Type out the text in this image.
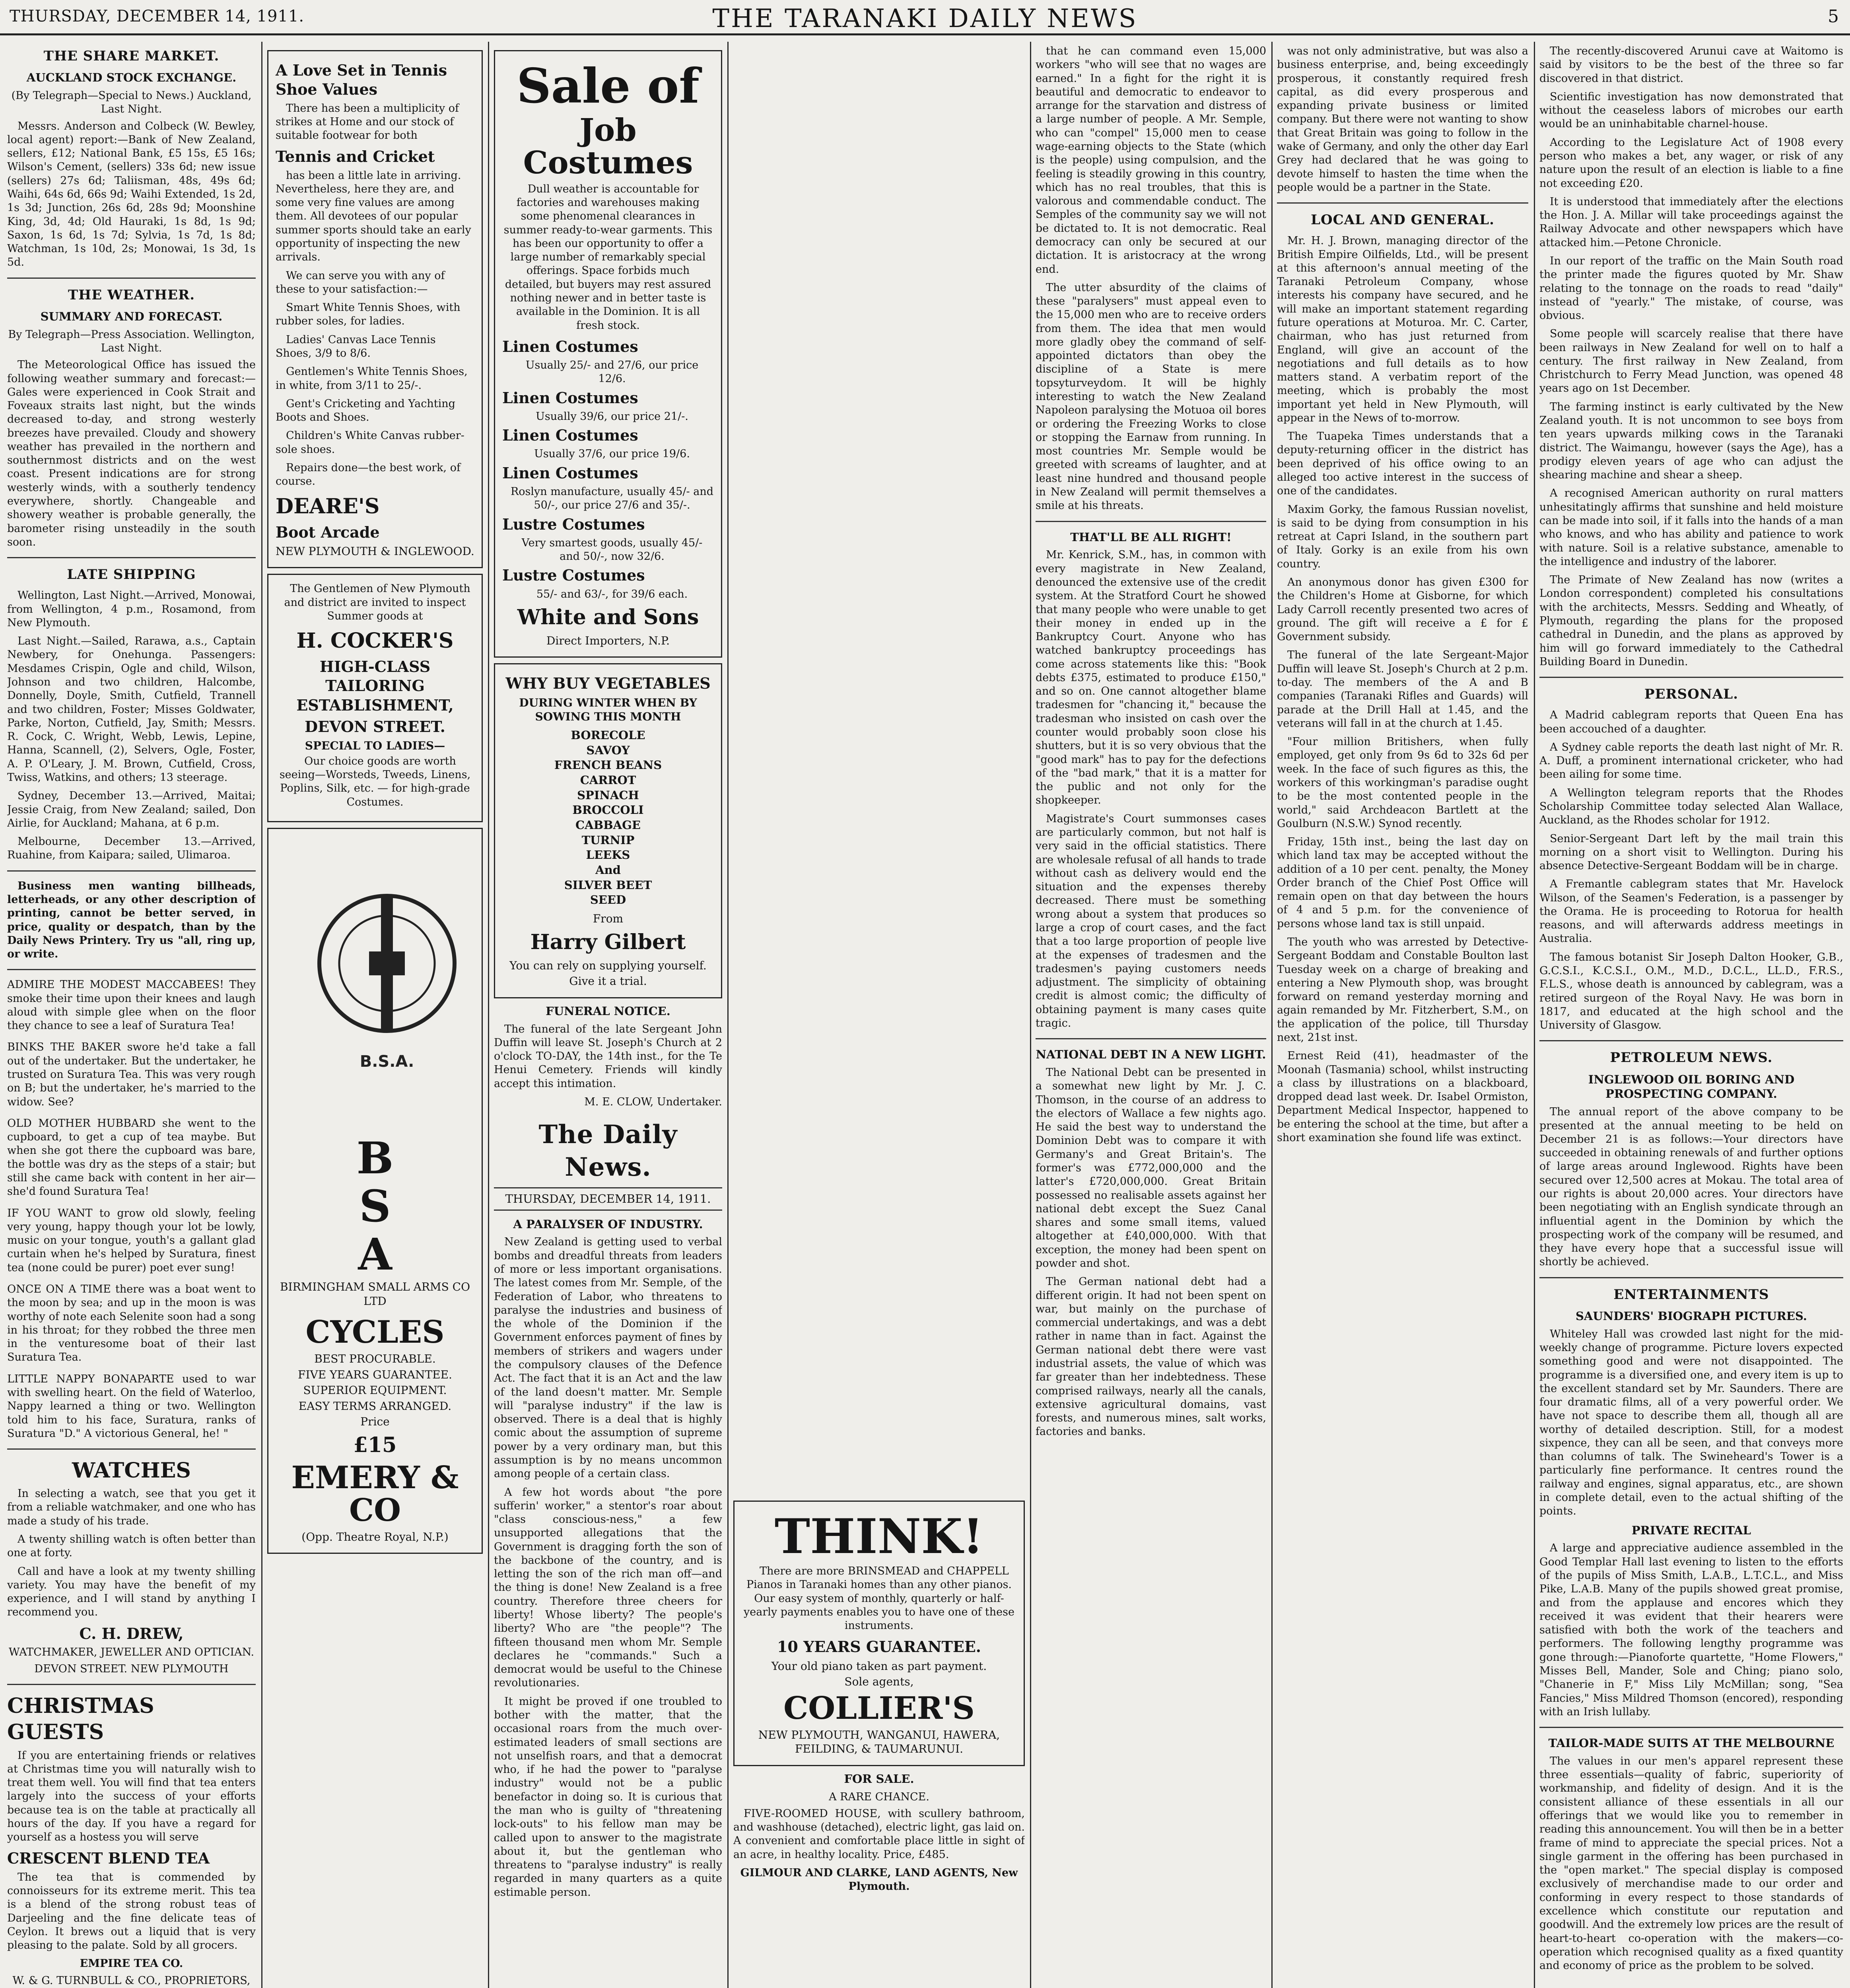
THURSDAY, DECEMBER 14, 1911.	THE TARANAKI DAILY NEWS	5
THE SHARE MARKET.
AUCKLAND STOCK EXCHANGE.
(By Telegraph—Special to News.) Auckland, Last Night.

Messrs. Anderson and Colbeck (W. Bewley, local agent) report:—Bank of New Zealand, sellers, £12; National Bank, £5 15s, £5 16s; Wilson's Cement, (sellers) 33s 6d; new issue (sellers) 27s 6d; Taliisman, 48s, 49s 6d; Waihi, 64s 6d, 66s 9d; Waihi Extended, 1s 2d, 1s 3d; Junction, 26s 6d, 28s 9d; Moonshine King, 3d, 4d; Old Hauraki, 1s 8d, 1s 9d; Saxon, 1s 6d, 1s 7d; Sylvia, 1s 7d, 1s 8d; Watchman, 1s 10d, 2s; Monowai, 1s 3d, 1s 5d.

THE WEATHER.
SUMMARY AND FORECAST.
By Telegraph—Press Association. Wellington, Last Night.

The Meteorological Office has issued the following weather summary and forecast:—Gales were experienced in Cook Strait and Foveaux straits last night, but the winds decreased to-day, and strong westerly breezes have prevailed. Cloudy and showery weather has prevailed in the northern and southernmost districts and on the west coast. Present indications are for strong westerly winds, with a southerly tendency everywhere, shortly. Changeable and showery weather is probable generally, the barometer rising unsteadily in the south soon.

LATE SHIPPING

Wellington, Last Night.—Arrived, Monowai, from Wellington, 4 p.m., Rosamond, from New Plymouth.

Last Night.—Sailed, Rarawa, a.s., Captain Newbery, for Onehunga. Passengers: Mesdames Crispin, Ogle and child, Wilson, Johnson and two children, Halcombe, Donnelly, Doyle, Smith, Cutfield, Trannell and two children, Foster; Misses Goldwater, Parke, Norton, Cutfield, Jay, Smith; Messrs. R. Cock, C. Wright, Webb, Lewis, Lepine, Hanna, Scannell, (2), Selvers, Ogle, Foster, A. P. O'Leary, J. M. Brown, Cutfield, Cross, Twiss, Watkins, and others; 13 steerage.

Sydney, December 13.—Arrived, Maitai; Jessie Craig, from New Zealand; sailed, Don Airlie, for Auckland; Mahana, at 6 p.m.

Melbourne, December 13.—Arrived, Ruahine, from Kaipara; sailed, Ulimaroa.

Business men wanting billheads, letterheads, or any other description of printing, cannot be better served, in price, quality or despatch, than by the Daily News Printery. Try us "all, ring up, or write.

ADMIRE THE MODEST MACCABEES! They smoke their time upon their knees and laugh aloud with simple glee when on the floor they chance to see a leaf of Suratura Tea!
BINKS THE BAKER swore he'd take a fall out of the undertaker. But the undertaker, he trusted on Suratura Tea. This was very rough on B; but the undertaker, he's married to the widow. See?
OLD MOTHER HUBBARD she went to the cupboard, to get a cup of tea maybe. But when she got there the cupboard was bare, the bottle was dry as the steps of a stair; but still she came back with content in her air—she'd found Suratura Tea!
IF YOU WANT to grow old slowly, feeling very young, happy though your lot be lowly, music on your tongue, youth's a gallant glad curtain when he's helped by Suratura, finest tea (none could be purer) poet ever sung!
ONCE ON A TIME there was a boat went to the moon by sea; and up in the moon is was worthy of note each Selenite soon had a song in his throat; for they robbed the three men in the venturesome boat of their last Suratura Tea.
LITTLE NAPPY BONAPARTE used to war with swelling heart. On the field of Waterloo, Nappy learned a thing or two. Wellington told him to his face, Suratura, ranks of Suratura "D." A victorious General, he! "
WATCHES

In selecting a watch, see that you get it from a reliable watchmaker, and one who has made a study of his trade.

A twenty shilling watch is often better than one at forty.

Call and have a look at my twenty shilling variety. You may have the benefit of my experience, and I will stand by anything I recommend you.

C. H. DREW,
WATCHMAKER, JEWELLER AND OPTICIAN.
DEVON STREET. NEW PLYMOUTH
CHRISTMAS GUESTS

If you are entertaining friends or relatives at Christmas time you will naturally wish to treat them well. You will find that tea enters largely into the success of your efforts because tea is on the table at practically all hours of the day. If you have a regard for yourself as a hostess you will serve

CRESCENT BLEND TEA

The tea that is commended by connoisseurs for its extreme merit. This tea is a blend of the strong robust teas of Darjeeling and the fine delicate teas of Ceylon. It brews out a liquid that is very pleasing to the palate. Sold by all grocers.

EMPIRE TEA CO.
W. & G. TURNBULL & CO., PROPRIETORS,

A Love Set in Tennis Shoe Values

There has been a multiplicity of strikes at Home and our stock of suitable footwear for both

Tennis and Cricket

has been a little late in arriving. Nevertheless, here they are, and some very fine values are among them. All devotees of our popular summer sports should take an early opportunity of inspecting the new arrivals.

We can serve you with any of these to your satisfaction:—

Smart White Tennis Shoes, with rubber soles, for ladies.

Ladies' Canvas Lace Tennis Shoes, 3/9 to 8/6.

Gentlemen's White Tennis Shoes, in white, from 3/11 to 25/-.

Gent's Cricketing and Yachting Boots and Shoes.

Children's White Canvas rubber-sole shoes.

Repairs done—the best work, of course.

DEARE'S
Boot Arcade
NEW PLYMOUTH & INGLEWOOD.

The Gentlemen of New Plymouth and district are invited to inspect Summer goods at

H. COCKER'S
HIGH-CLASS TAILORING ESTABLISHMENT,
DEVON STREET.
SPECIAL TO LADIES—

Our choice goods are worth seeing—Worsteds, Tweeds, Linens, Poplins, Silk, etc. — for high-grade Costumes.

B.S.A.
B
S
A
BIRMINGHAM SMALL ARMS CO LTD
CYCLES
BEST PROCURABLE.
FIVE YEARS GUARANTEE.
SUPERIOR EQUIPMENT.
EASY TERMS ARRANGED.
Price
£15
EMERY & CO
(Opp. Theatre Royal, N.P.)
Sale of
Job Costumes

Dull weather is accountable for factories and warehouses making some phenomenal clearances in summer ready-to-wear garments. This has been our opportunity to offer a large number of remarkably special offerings. Space forbids much detailed, but buyers may rest assured nothing newer and in better taste is available in the Dominion. It is all fresh stock.

Linen Costumes
Usually 25/- and 27/6, our price 12/6.
Linen Costumes
Usually 39/6, our price 21/-.
Linen Costumes
Usually 37/6, our price 19/6.
Linen Costumes
Roslyn manufacture, usually 45/- and 50/-, our price 27/6 and 35/-.
Lustre Costumes
Very smartest goods, usually 45/- and 50/-, now 32/6.
Lustre Costumes
55/- and 63/-, for 39/6 each.
White and Sons
Direct Importers, N.P.
WHY BUY VEGETABLES
DURING WINTER WHEN BY SOWING THIS MONTH
BORECOLE
SAVOY
FRENCH BEANS
CARROT
SPINACH
BROCCOLI
CABBAGE
TURNIP
LEEKS
And
SILVER BEET
SEED
From
Harry Gilbert
You can rely on supplying yourself.
Give it a trial.
FUNERAL NOTICE.

The funeral of the late Sergeant John Duffin will leave St. Joseph's Church at 2 o'clock TO-DAY, the 14th inst., for the Te Henui Cemetery. Friends will kindly accept this intimation.

M. E. CLOW, Undertaker.
The Daily News.
THURSDAY, DECEMBER 14, 1911.
A PARALYSER OF INDUSTRY.

New Zealand is getting used to verbal bombs and dreadful threats from leaders of more or less important organisations. The latest comes from Mr. Semple, of the Federation of Labor, who threatens to paralyse the industries and business of the whole of the Dominion if the Government enforces payment of fines by members of strikers and wagers under the compulsory clauses of the Defence Act. The fact that it is an Act and the law of the land doesn't matter. Mr. Semple will "paralyse industry" if the law is observed. There is a deal that is highly comic about the assumption of supreme power by a very ordinary man, but this assumption is by no means uncommon among people of a certain class.

A few hot words about "the pore sufferin' worker," a stentor's roar about "class conscious-ness," a few unsupported allegations that the Government is dragging forth the son of the backbone of the country, and is letting the son of the rich man off—and the thing is done! New Zealand is a free country. Therefore three cheers for liberty! Whose liberty? The people's liberty? Who are "the people"? The fifteen thousand men whom Mr. Semple declares he "commands." Such a democrat would be useful to the Chinese revolutionaries.

It might be proved if one troubled to bother with the matter, that the occasional roars from the much over-estimated leaders of small sections are not unselfish roars, and that a democrat who, if he had the power to "paralyse industry" would not be a public benefactor in doing so. It is curious that the man who is guilty of "threatening lock-outs" to his fellow man may be called upon to answer to the magistrate about it, but the gentleman who threatens to "paralyse industry" is really regarded in many quarters as a quite estimable person.

THINK!

There are more BRINSMEAD and CHAPPELL Pianos in Taranaki homes than any other pianos. Our easy system of monthly, quarterly or half-yearly payments enables you to have one of these instruments.

10 YEARS GUARANTEE.
Your old piano taken as part payment.
Sole agents,
COLLIER'S
NEW PLYMOUTH, WANGANUI, HAWERA, FEILDING, & TAUMARUNUI.
FOR SALE.
A RARE CHANCE.

FIVE-ROOMED HOUSE, with scullery bathroom, and washhouse (detached), electric light, gas laid on. A convenient and comfortable place little in sight of an acre, in healthy locality. Price, £485.

GILMOUR AND CLARKE, LAND AGENTS, New Plymouth.

that he can command even 15,000 workers "who will see that no wages are earned." In a fight for the right it is beautiful and democratic to endeavor to arrange for the starvation and distress of a large number of people. A Mr. Semple, who can "compel" 15,000 men to cease wage-earning objects to the State (which is the people) using compulsion, and the feeling is steadily growing in this country, which has no real troubles, that this is valorous and commendable conduct. The Semples of the community say we will not be dictated to. It is not democratic. Real democracy can only be secured at our dictation. It is aristocracy at the wrong end.

The utter absurdity of the claims of these "paralysers" must appeal even to the 15,000 men who are to receive orders from them. The idea that men would more gladly obey the command of self-appointed dictators than obey the discipline of a State is mere topsyturveydom. It will be highly interesting to watch the New Zealand Napoleon paralysing the Motuoa oil bores or ordering the Freezing Works to close or stopping the Earnaw from running. In most countries Mr. Semple would be greeted with screams of laughter, and at least nine hundred and thousand people in New Zealand will permit themselves a smile at his threats.

THAT'LL BE ALL RIGHT!

Mr. Kenrick, S.M., has, in common with every magistrate in New Zealand, denounced the extensive use of the credit system. At the Stratford Court he showed that many people who were unable to get their money in ended up in the Bankruptcy Court. Anyone who has watched bankruptcy proceedings has come across statements like this: "Book debts £375, estimated to produce £150," and so on. One cannot altogether blame tradesmen for "chancing it," because the tradesman who insisted on cash over the counter would probably soon close his shutters, but it is so very obvious that the "good mark" has to pay for the defections of the "bad mark," that it is a matter for the public and not only for the shopkeeper.

Magistrate's Court summonses cases are particularly common, but not half is very said in the official statistics. There are wholesale refusal of all hands to trade without cash as delivery would end the situation and the expenses thereby decreased. There must be something wrong about a system that produces so large a crop of court cases, and the fact that a too large proportion of people live at the expenses of tradesmen and the tradesmen's paying customers needs adjustment. The simplicity of obtaining credit is almost comic; the difficulty of obtaining payment is many cases quite tragic.

NATIONAL DEBT IN A NEW LIGHT.

The National Debt can be presented in a somewhat new light by Mr. J. C. Thomson, in the course of an address to the electors of Wallace a few nights ago. He said the best way to understand the Dominion Debt was to compare it with Germany's and Great Britain's. The former's was £772,000,000 and the latter's £720,000,000. Great Britain possessed no realisable assets against her national debt except the Suez Canal shares and some small items, valued altogether at £40,000,000. With that exception, the money had been spent on powder and shot.

The German national debt had a different origin. It had not been spent on war, but mainly on the purchase of commercial undertakings, and was a debt rather in name than in fact. Against the German national debt there were vast industrial assets, the value of which was far greater than her indebtedness. These comprised railways, nearly all the canals, extensive agricultural domains, vast forests, and numerous mines, salt works, factories and banks.

was not only administrative, but was also a business enterprise, and, being exceedingly prosperous, it constantly required fresh capital, as did every prosperous and expanding private business or limited company. But there were not wanting to show that Great Britain was going to follow in the wake of Germany, and only the other day Earl Grey had declared that he was going to devote himself to hasten the time when the people would be a partner in the State.

LOCAL AND GENERAL.

Mr. H. J. Brown, managing director of the British Empire Oilfields, Ltd., will be present at this afternoon's annual meeting of the Taranaki Petroleum Company, whose interests his company have secured, and he will make an important statement regarding future operations at Moturoa. Mr. C. Carter, chairman, who has just returned from England, will give an account of the negotiations and full details as to how matters stand. A verbatim report of the meeting, which is probably the most important yet held in New Plymouth, will appear in the News of to-morrow.

The Tuapeka Times understands that a deputy-returning officer in the district has been deprived of his office owing to an alleged too active interest in the success of one of the candidates.

Maxim Gorky, the famous Russian novelist, is said to be dying from consumption in his retreat at Capri Island, in the southern part of Italy. Gorky is an exile from his own country.

An anonymous donor has given £300 for the Children's Home at Gisborne, for which Lady Carroll recently presented two acres of ground. The gift will receive a £ for £ Government subsidy.

The funeral of the late Sergeant-Major Duffin will leave St. Joseph's Church at 2 p.m. to-day. The members of the A and B companies (Taranaki Rifles and Guards) will parade at the Drill Hall at 1.45, and the veterans will fall in at the church at 1.45.

"Four million Britishers, when fully employed, get only from 9s 6d to 32s 6d per week. In the face of such figures as this, the workers of this workingman's paradise ought to be the most contented people in the world," said Archdeacon Bartlett at the Goulburn (N.S.W.) Synod recently.

Friday, 15th inst., being the last day on which land tax may be accepted without the addition of a 10 per cent. penalty, the Money Order branch of the Chief Post Office will remain open on that day between the hours of 4 and 5 p.m. for the convenience of persons whose land tax is still unpaid.

The youth who was arrested by Detective-Sergeant Boddam and Constable Boulton last Tuesday week on a charge of breaking and entering a New Plymouth shop, was brought forward on remand yesterday morning and again remanded by Mr. Fitzherbert, S.M., on the application of the police, till Thursday next, 21st inst.

Ernest Reid (41), headmaster of the Moonah (Tasmania) school, whilst instructing a class by illustrations on a blackboard, dropped dead last week. Dr. Isabel Ormiston, Department Medical Inspector, happened to be entering the school at the time, but after a short examination she found life was extinct.

The recently-discovered Arunui cave at Waitomo is said by visitors to be the best of the three so far discovered in that district.

Scientific investigation has now demonstrated that without the ceaseless labors of microbes our earth would be an uninhabitable charnel-house.

According to the Legislature Act of 1908 every person who makes a bet, any wager, or risk of any nature upon the result of an election is liable to a fine not exceeding £20.

It is understood that immediately after the elections the Hon. J. A. Millar will take proceedings against the Railway Advocate and other newspapers which have attacked him.—Petone Chronicle.

In our report of the traffic on the Main South road the printer made the figures quoted by Mr. Shaw relating to the tonnage on the roads to read "daily" instead of "yearly." The mistake, of course, was obvious.

Some people will scarcely realise that there have been railways in New Zealand for well on to half a century. The first railway in New Zealand, from Christchurch to Ferry Mead Junction, was opened 48 years ago on 1st December.

The farming instinct is early cultivated by the New Zealand youth. It is not uncommon to see boys from ten years upwards milking cows in the Taranaki district. The Waimangu, however (says the Age), has a prodigy eleven years of age who can adjust the shearing machine and shear a sheep.

A recognised American authority on rural matters unhesitatingly affirms that sunshine and held moisture can be made into soil, if it falls into the hands of a man who knows, and who has ability and patience to work with nature. Soil is a relative substance, amenable to the intelligence and industry of the laborer.

The Primate of New Zealand has now (writes a London correspondent) completed his consultations with the architects, Messrs. Sedding and Wheatly, of Plymouth, regarding the plans for the proposed cathedral in Dunedin, and the plans as approved by him will go forward immediately to the Cathedral Building Board in Dunedin.

PERSONAL.

A Madrid cablegram reports that Queen Ena has been accouched of a daughter.

A Sydney cable reports the death last night of Mr. R. A. Duff, a prominent international cricketer, who had been ailing for some time.

A Wellington telegram reports that the Rhodes Scholarship Committee today selected Alan Wallace, Auckland, as the Rhodes scholar for 1912.

Senior-Sergeant Dart left by the mail train this morning on a short visit to Wellington. During his absence Detective-Sergeant Boddam will be in charge.

A Fremantle cablegram states that Mr. Havelock Wilson, of the Seamen's Federation, is a passenger by the Orama. He is proceeding to Rotorua for health reasons, and will afterwards address meetings in Australia.

The famous botanist Sir Joseph Dalton Hooker, G.B., G.C.S.I., K.C.S.I., O.M., M.D., D.C.L., LL.D., F.R.S., F.L.S., whose death is announced by cablegram, was a retired surgeon of the Royal Navy. He was born in 1817, and educated at the high school and the University of Glasgow.

PETROLEUM NEWS.
INGLEWOOD OIL BORING AND PROSPECTING COMPANY.

The annual report of the above company to be presented at the annual meeting to be held on December 21 is as follows:—Your directors have succeeded in obtaining renewals of and further options of large areas around Inglewood. Rights have been secured over 12,500 acres at Mokau. The total area of our rights is about 20,000 acres. Your directors have been negotiating with an English syndicate through an influential agent in the Dominion by which the prospecting work of the company will be resumed, and they have every hope that a successful issue will shortly be achieved.

ENTERTAINMENTS
SAUNDERS' BIOGRAPH PICTURES.

Whiteley Hall was crowded last night for the mid-weekly change of programme. Picture lovers expected something good and were not disappointed. The programme is a diversified one, and every item is up to the excellent standard set by Mr. Saunders. There are four dramatic films, all of a very powerful order. We have not space to describe them all, though all are worthy of detailed description. Still, for a modest sixpence, they can all be seen, and that conveys more than columns of talk. The Swineheard's Tower is a particularly fine performance. It centres round the railway and engines, signal apparatus, etc., are shown in complete detail, even to the actual shifting of the points.

PRIVATE RECITAL

A large and appreciative audience assembled in the Good Templar Hall last evening to listen to the efforts of the pupils of Miss Smith, L.A.B., L.T.C.L., and Miss Pike, L.A.B. Many of the pupils showed great promise, and from the applause and encores which they received it was evident that their hearers were satisfied with both the work of the teachers and performers. The following lengthy programme was gone through:—Pianoforte quartette, "Home Flowers," Misses Bell, Mander, Sole and Ching; piano solo, "Chanerie in F," Miss Lily McMillan; song, "Sea Fancies," Miss Mildred Thomson (encored), responding with an Irish lullaby.

TAILOR-MADE SUITS AT THE MELBOURNE

The values in our men's apparel represent these three essentials—quality of fabric, superiority of workmanship, and fidelity of design. And it is the consistent alliance of these essentials in all our offerings that we would like you to remember in reading this announcement. You will then be in a better frame of mind to appreciate the special prices. Not a single garment in the offering has been purchased in the "open market." The special display is composed exclusively of merchandise made to our order and conforming in every respect to those standards of excellence which constitute our reputation and goodwill. And the extremely low prices are the result of heart-to-heart co-operation with the makers—co-operation which recognised quality as a fixed quantity and economy of price as the problem to be solved.
